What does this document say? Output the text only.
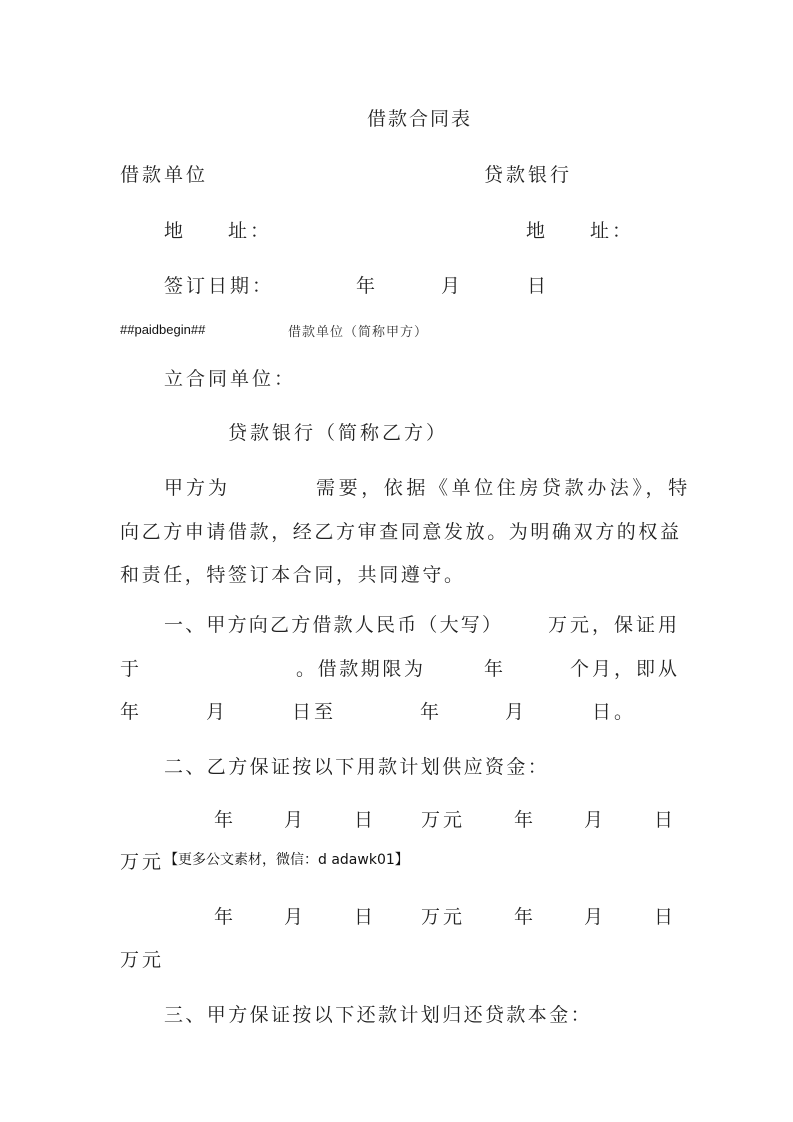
借款合同表
借款单位	贷款银行
地 址：	地 址：
签订日期：	年	月	日
##paidbegin##	借款单位（简称甲方）
立合同单位：
贷款银行（简称乙方）
甲方为	需要，依据《单位住房贷款办法》，特
向乙方申请借款，经乙方审查同意发放。为明确双方的权益
和责任，特签订本合同，共同遵守。
一、甲方向乙方借款人民币（大写） 万元，保证用
于	。借款期限为	年	个月，即从
年	月	日至	年	月	日。
二、乙方保证按以下用款计划供应资金：
年	月	日 万元	年	月	日
万元 【更多公文素材，微信：d adawk01】
年	月	日 万元	年	月	日
万元
三、甲方保证按以下还款计划归还贷款本金：
